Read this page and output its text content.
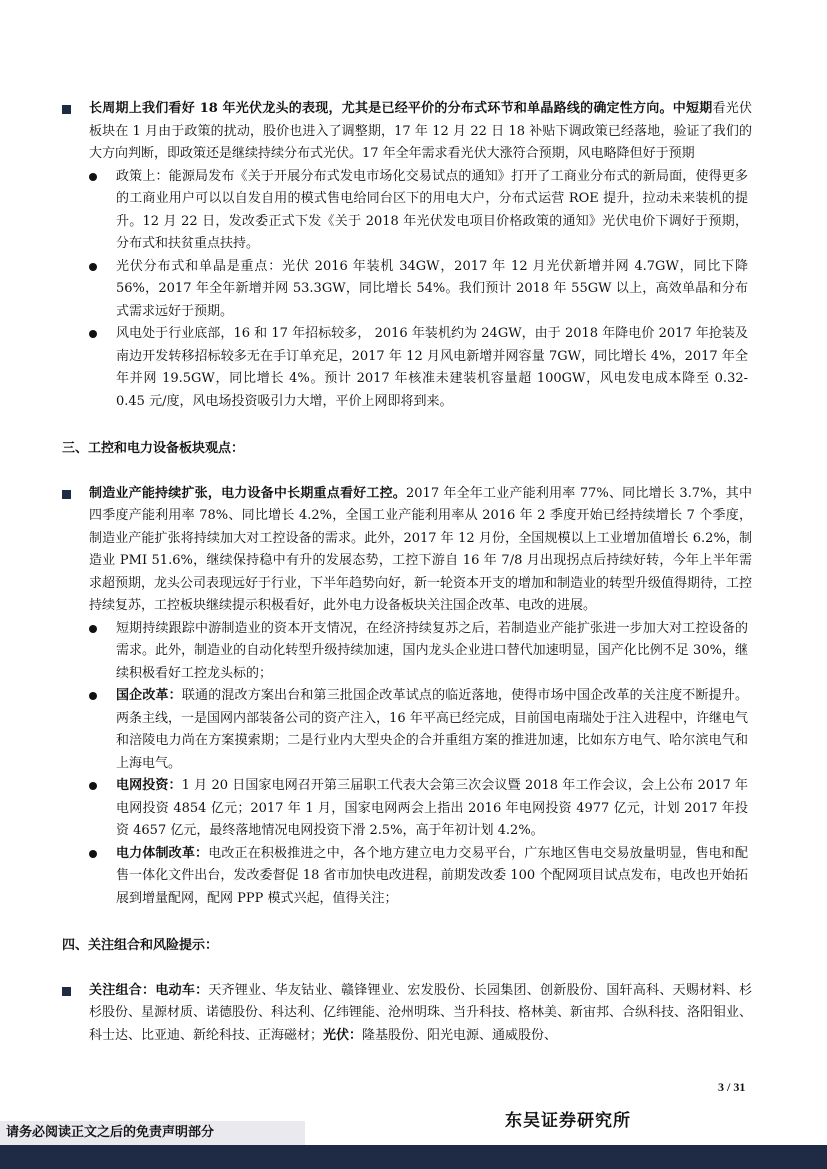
长周期上我们看好 18 年光伏龙头的表现，尤其是已经平价的分布式环节和单晶路线的确定性方向。中短期看光伏板块在 1 月由于政策的扰动，股价也进入了调整期，17 年 12 月 22 日 18 补贴下调政策已经落地，验证了我们的大方向判断，即政策还是继续持续分布式光伏。17 年全年需求看光伏大涨符合预期，风电略降但好于预期
政策上：能源局发布《关于开展分布式发电市场化交易试点的通知》打开了工商业分布式的新局面，使得更多的工商业用户可以以自发自用的模式售电给同台区下的用电大户，分布式运营 ROE 提升，拉动未来装机的提升。12 月 22 日，发改委正式下发《关于 2018 年光伏发电项目价格政策的通知》光伏电价下调好于预期，分布式和扶贫重点扶持。
光伏分布式和单晶是重点：光伏 2016 年装机 34GW，2017 年 12 月光伏新增并网 4.7GW，同比下降 56%，2017 年全年新增并网 53.3GW，同比增长 54%。我们预计 2018 年 55GW 以上，高效单晶和分布式需求远好于预期。
风电处于行业底部，16 和 17 年招标较多， 2016 年装机约为 24GW，由于 2018 年降电价 2017 年抢装及南边开发转移招标较多无在手订单充足，2017 年 12 月风电新增并网容量 7GW，同比增长 4%，2017 年全年并网 19.5GW，同比增长 4%。预计 2017 年核准未建装机容量超 100GW，风电发电成本降至 0.32-0.45 元/度，风电场投资吸引力大增，平价上网即将到来。
三、工控和电力设备板块观点：
制造业产能持续扩张，电力设备中长期重点看好工控。2017 年全年工业产能利用率 77%、同比增长 3.7%，其中四季度产能利用率 78%、同比增长 4.2%，全国工业产能利用率从 2016 年 2 季度开始已经持续增长 7 个季度，制造业产能扩张将持续加大对工控设备的需求。此外，2017 年 12 月份，全国规模以上工业增加值增长 6.2%，制造业 PMI 51.6%，继续保持稳中有升的发展态势，工控下游自 16 年 7/8 月出现拐点后持续好转，今年上半年需求超预期，龙头公司表现远好于行业，下半年趋势向好，新一轮资本开支的增加和制造业的转型升级值得期待，工控持续复苏，工控板块继续提示积极看好，此外电力设备板块关注国企改革、电改的进展。
短期持续跟踪中游制造业的资本开支情况，在经济持续复苏之后，若制造业产能扩张进一步加大对工控设备的需求。此外，制造业的自动化转型升级持续加速，国内龙头企业进口替代加速明显，国产化比例不足 30%，继续积极看好工控龙头标的；
国企改革：联通的混改方案出台和第三批国企改革试点的临近落地，使得市场中国企改革的关注度不断提升。两条主线，一是国网内部装备公司的资产注入，16 年平高已经完成，目前国电南瑞处于注入进程中，许继电气和涪陵电力尚在方案摸索期；二是行业内大型央企的合并重组方案的推进加速，比如东方电气、哈尔滨电气和上海电气。
电网投资：1 月 20 日国家电网召开第三届职工代表大会第三次会议暨 2018 年工作会议，会上公布 2017 年电网投资 4854 亿元；2017 年 1 月，国家电网两会上指出 2016 年电网投资 4977 亿元，计划 2017 年投资 4657 亿元，最终落地情况电网投资下滑 2.5%，高于年初计划 4.2%。
电力体制改革：电改正在积极推进之中，各个地方建立电力交易平台，广东地区售电交易放量明显，售电和配售一体化文件出台，发改委督促 18 省市加快电改进程，前期发改委 100 个配网项目试点发布，电改也开始拓展到增量配网，配网 PPP 模式兴起，值得关注；
四、关注组合和风险提示：
关注组合：电动车：天齐锂业、华友钴业、赣锋锂业、宏发股份、长园集团、创新股份、国轩高科、天赐材料、杉杉股份、星源材质、诺德股份、科达利、亿纬锂能、沧州明珠、当升科技、格林美、新宙邦、合纵科技、洛阳钼业、科士达、比亚迪、新纶科技、正海磁材；光伏：隆基股份、阳光电源、通威股份、
3 / 31
东吴证券研究所
请务必阅读正文之后的免责声明部分
